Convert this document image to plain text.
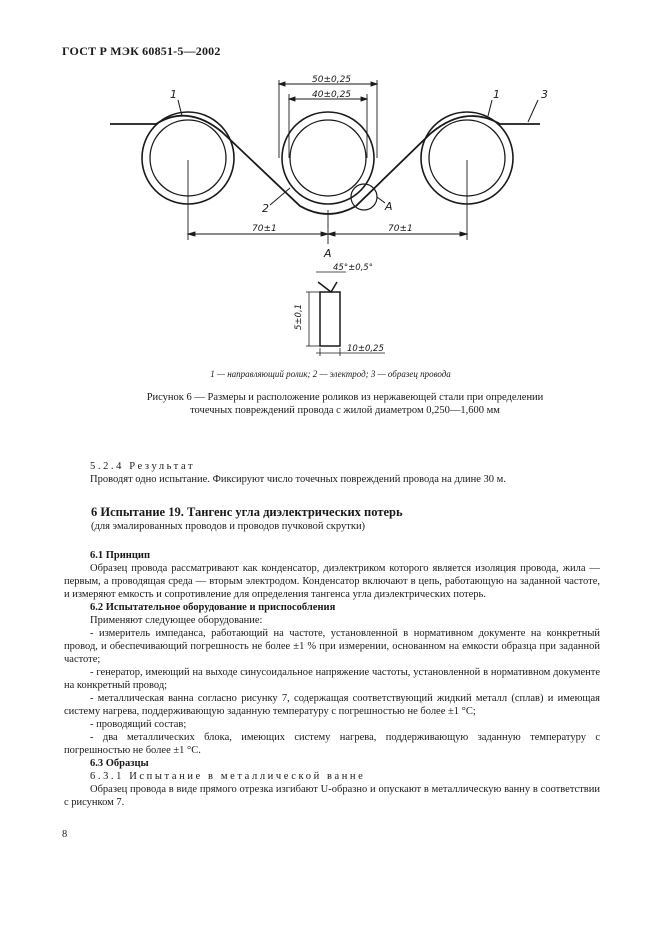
ГОСТ Р МЭК 60851-5—2002
50±0,25
40±0,25
70±1	70±1
1	1	3
2	A
A
45°±0,5°
5±0,1
10±0,25
1 — направляющий ролик; 2 — электрод; 3 — образец провода
Рисунок 6 — Размеры и расположение роликов из нержавеющей стали при определении
точечных повреждений провода с жилой диаметром 0,250—1,600 мм
5.2.4 Результат
Проводят одно испытание. Фиксируют число точечных повреждений провода на длине 30 м.
6 Испытание 19. Тангенс угла диэлектрических потерь
(для эмалированных проводов и проводов пучковой скрутки)
6.1 Принцип
Образец провода рассматривают как конденсатор, диэлектриком которого является изоляция провода, жила — первым, а проводящая среда — вторым электродом. Конденсатор включают в цепь, работающую на заданной частоте, и измеряют емкость и сопротивление для определения тангенса угла диэлектрических потерь.
6.2 Испытательное оборудование и приспособления
Применяют следующее оборудование:
- измеритель импеданса, работающий на частоте, установленной в нормативном документе на конкретный провод, и обеспечивающий погрешность не более ±1 % при измерении, основанном на емкости образца при заданной частоте;
- генератор, имеющий на выходе синусоидальное напряжение частоты, установленной в нормативном документе на конкретный провод;
- металлическая ванна согласно рисунку 7, содержащая соответствующий жидкий металл (сплав) и имеющая систему нагрева, поддерживающую заданную температуру с погрешностью не более ±1 °С;
- проводящий состав;
- два металлических блока, имеющих систему нагрева, поддерживающую заданную температуру с погрешностью не более ±1 °С.
6.3 Образцы
6.3.1 Испытание в металлической ванне
Образец провода в виде прямого отрезка изгибают U-образно и опускают в металлическую ванну в соответствии с рисунком 7.
8
